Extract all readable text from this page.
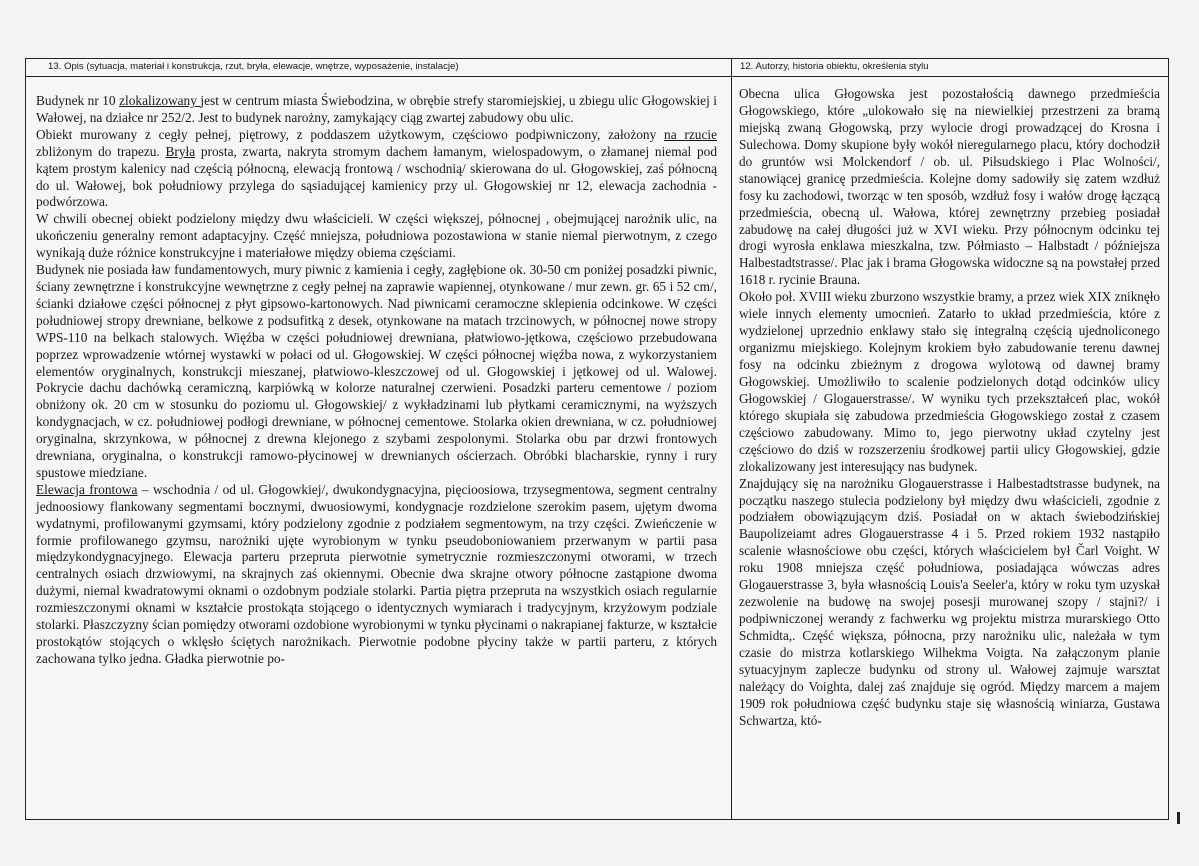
13. Opis (sytuacja, materiał i konstrukcja, rzut, bryła, elewacje, wnętrze, wyposażenie, instalacje)

Budynek nr 10 zlokalizowany jest w centrum miasta Świebodzina, w obrębie strefy staromiejskiej, u zbiegu ulic Głogowskiej i Wałowej, na działce nr 252/2. Jest to budynek narożny, zamykający ciąg zwartej zabudowy obu ulic.

Obiekt murowany z cegły pełnej, piętrowy, z poddaszem użytkowym, częściowo podpiwniczony, założony na rzucie zbliżonym do trapezu. Bryła prosta, zwarta, nakryta stromym dachem łamanym, wielospadowym, o złamanej niemal pod kątem prostym kalenicy nad częścią północną, elewacją frontową / wschodnią/ skierowana do ul. Głogowskiej, zaś północną do ul. Wałowej, bok południowy przylega do sąsiadującej kamienicy przy ul. Głogowskiej nr 12, elewacja zachodnia - podwórzowa.

W chwili obecnej obiekt podzielony między dwu właścicieli. W części większej, północnej , obejmującej narożnik ulic, na ukończeniu generalny remont adaptacyjny. Część mniejsza, południowa pozostawiona w stanie niemal pierwotnym, z czego wynikają duże różnice konstrukcyjne i materiałowe między obiema częściami.

Budynek nie posiada ław fundamentowych, mury piwnic z kamienia i cegły, zagłębione ok. 30-50 cm poniżej posadzki piwnic, ściany zewnętrzne i konstrukcyjne wewnętrzne z cegły pełnej na zaprawie wapiennej, otynkowane / mur zewn. gr. 65 i 52 cm/, ścianki działowe części północnej z płyt gipsowo-kartonowych. Nad piwnicami ceramoczne sklepienia odcinkowe. W części południowej stropy drewniane, belkowe z podsufitką z desek, otynkowane na matach trzcinowych, w północnej nowe stropy WPS-110 na belkach stalowych. Więźba w części południowej drewniana, płatwiowo-jętkowa, częściowo przebudowana poprzez wprowadzenie wtórnej wystawki w połaci od ul. Głogowskiej. W części północnej więźba nowa, z wykorzystaniem elementów oryginalnych, konstrukcji mieszanej, płatwiowo-kleszczowej od ul. Głogowskiej i jętkowej od ul. Walowej. Pokrycie dachu dachówką ceramiczną, karpiówką w kolorze naturalnej czerwieni. Posadzki parteru cementowe / poziom obniżony ok. 20 cm w stosunku do poziomu ul. Głogowskiej/ z wykładzinami lub płytkami ceramicznymi, na wyższych kondygnacjach, w cz. południowej podłogi drewniane, w północnej cementowe. Stolarka okien drewniana, w cz. południowej oryginalna, skrzynkowa, w północnej z drewna klejonego z szybami zespolonymi. Stolarka obu par drzwi frontowych drewniana, oryginalna, o konstrukcji ramowo-płycinowej w drewnianych ościerzach. Obróbki blacharskie, rynny i rury spustowe miedziane.

Elewacja frontowa – wschodnia / od ul. Głogowkiej/, dwukondygnacyjna, pięcioosiowa, trzysegmentowa, segment centralny jednoosiowy flankowany segmentami bocznymi, dwuosiowymi, kondygnacje rozdzielone szerokim pasem, ujętym dwoma wydatnymi, profilowanymi gzymsami, który podzielony zgodnie z podziałem segmentowym, na trzy części. Zwieńczenie w formie profilowanego gzymsu, narożniki ujęte wyrobionym w tynku pseudoboniowaniem przerwanym w partii pasa międzykondygnacyjnego. Elewacja parteru przepruta pierwotnie symetrycznie rozmieszczonymi otworami, w trzech centralnych osiach drzwiowymi, na skrajnych zaś okiennymi. Obecnie dwa skrajne otwory północne zastąpione dwoma dużymi, niemal kwadratowymi oknami o ozdobnym podziale stolarki. Partia piętra przepruta na wszystkich osiach regularnie rozmieszczonymi oknami w kształcie prostokąta stojącego o identycznych wymiarach i tradycyjnym, krzyżowym podziale stolarki. Płaszczyzny ścian pomiędzy otworami ozdobione wyrobionymi w tynku płycinami o nakrapianej fakturze, w kształcie prostokątów stojących o wklęsło ściętych narożnikach. Pierwotnie podobne płyciny także w partii parteru, z których zachowana tylko jedna. Gładka pierwotnie po-

12. Autorzy, historia obiektu, określenia stylu

Obecna ulica Głogowska jest pozostałością dawnego przedmieścia Głogowskiego, które „ulokowało się na niewielkiej przestrzeni za bramą miejską zwaną Głogowską, przy wylocie drogi prowadzącej do Krosna i Sulechowa. Domy skupione były wokół nieregularnego placu, który dochodził do gruntów wsi Molckendorf / ob. ul. Piłsudskiego i Plac Wolności/, stanowiącej granicę przedmieścia. Kolejne domy sadowiły się zatem wzdłuż fosy ku zachodowi, tworząc w ten sposób, wzdłuż fosy i wałów drogę łączącą przedmieścia, obecną ul. Wałowa, której zewnętrzny przebieg posiadał zabudowę na całej długości już w XVI wieku. Przy północnym odcinku tej drogi wyrosła enklawa mieszkalna, tzw. Półmiasto – Halbstadt / późniejsza Halbestadtstrasse/. Plac jak i brama Głogowska widoczne są na powstałej przed 1618 r. rycinie Brauna.

Około poł. XVIII wieku zburzono wszystkie bramy, a przez wiek XIX zniknęło wiele innych elementy umocnień. Zatarło to układ przedmieścia, które z wydzielonej uprzednio enklawy stało się integralną częścią ujednoliconego organizmu miejskiego. Kolejnym krokiem było zabudowanie terenu dawnej fosy na odcinku zbieżnym z drogowa wylotową od dawnej bramy Głogowskiej. Umożliwiło to scalenie podzielonych dotąd odcinków ulicy Głogowskiej / Glogauerstrasse/. W wyniku tych przekształceń plac, wokół którego skupiała się zabudowa przedmieścia Głogowskiego został z czasem częściowo zabudowany. Mimo to, jego pierwotny układ czytelny jest częściowo do dziś w rozszerzeniu środkowej partii ulicy Głogowskiej, gdzie zlokalizowany jest interesujący nas budynek.

Znajdujący się na narożniku Glogauerstrasse i Halbestadtstrasse budynek, na początku naszego stulecia podzielony był między dwu właścicieli, zgodnie z podziałem obowiązującym dziś. Posiadał on w aktach świebodzińskiej Baupolizeiamt adres Glogauerstrasse 4 i 5. Przed rokiem 1932 nastąpiło scalenie własnościowe obu części, których właścicielem był Čarl Voight. W roku 1908 mniejsza część południowa, posiadająca wówczas adres Glogauerstrasse 3, była własnością Louis'a Seeler'a, który w roku tym uzyskał zezwolenie na budowę na swojej posesji murowanej szopy / stajni?/ i podpiwniczonej werandy z fachwerku wg projektu mistrza murarskiego Otto Schmidta,. Część większa, północna, przy narożniku ulic, należała w tym czasie do mistrza kotlarskiego Wilhekma Voigta. Na załączonym planie sytuacyjnym zaplecze budynku od strony ul. Wałowej zajmuje warsztat należący do Voighta, dalej zaś znajduje się ogród. Między marcem a majem 1909 rok południowa część budynku staje się własnością winiarza, Gustawa Schwartza, któ-
